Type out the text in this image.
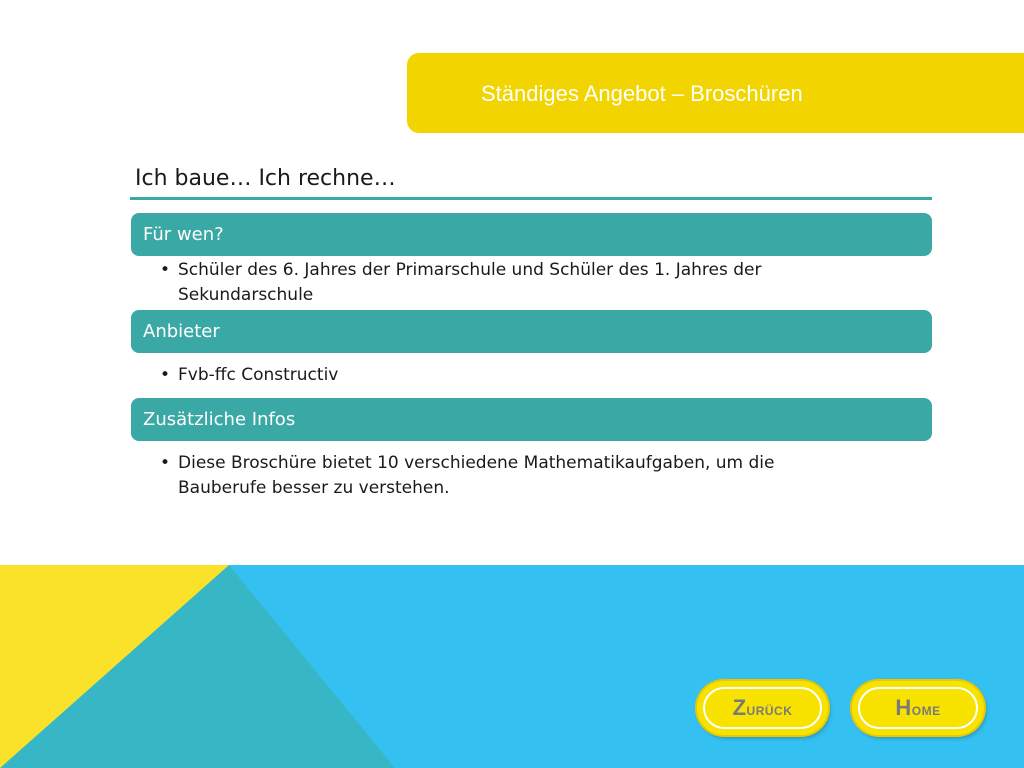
Ständiges Angebot – Broschüren
Ich baue… Ich rechne…
Für wen?
• Schüler des 6. Jahres der Primarschule und Schüler des 1. Jahres der Sekundarschule
Anbieter
• Fvb-ffc Constructiv
Zusätzliche Infos
• Diese Broschüre bietet 10 verschiedene Mathematikaufgaben, um die Bauberufe besser zu verstehen.
Zurück	Home
